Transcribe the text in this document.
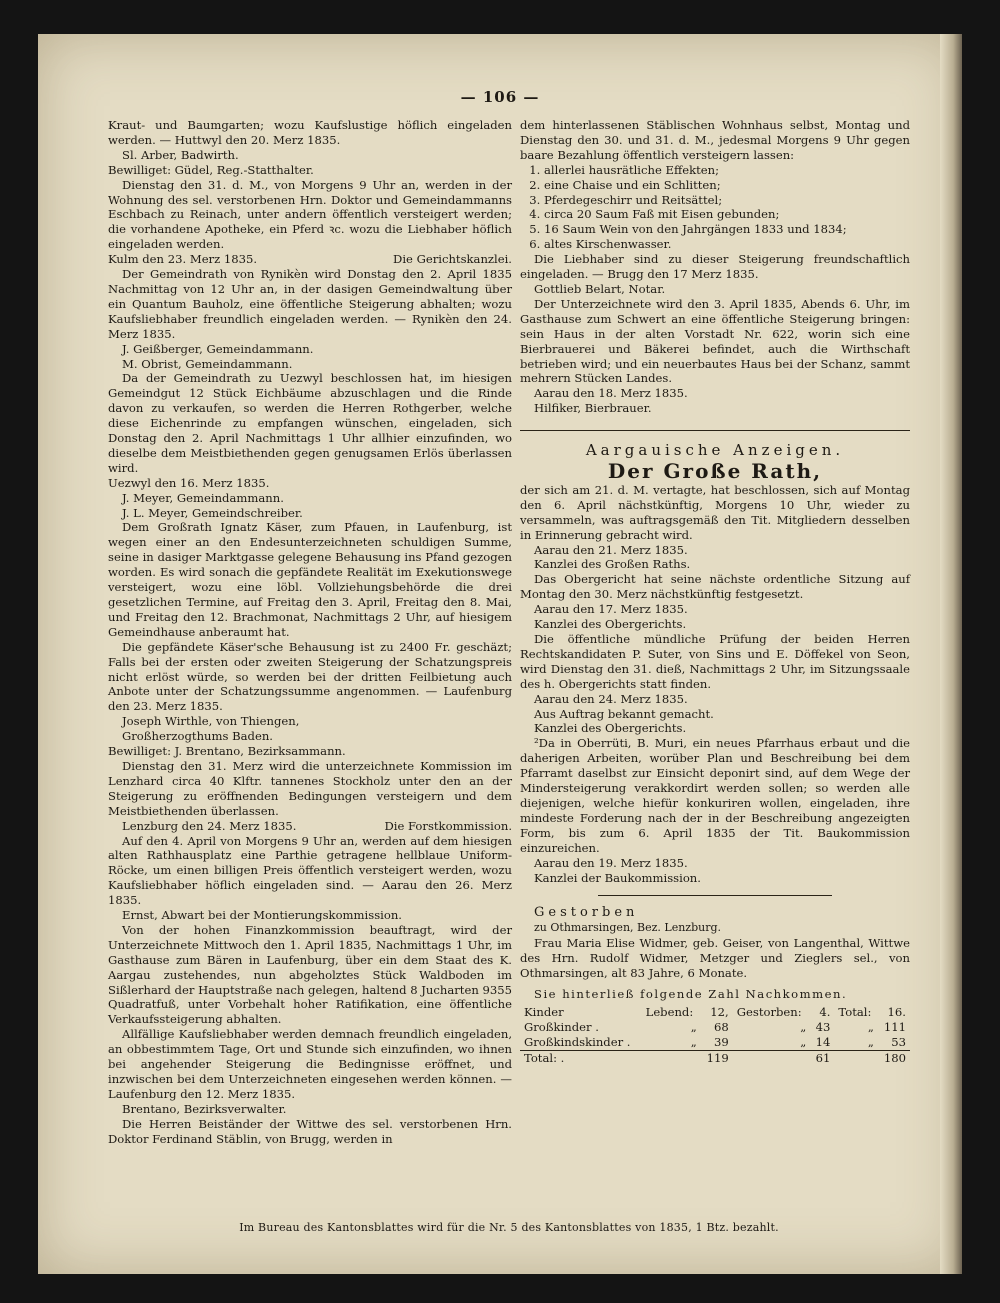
— 106 —

Kraut- und Baumgarten; wozu Kaufslustige höflich eingeladen werden. — Huttwyl den 20. Merz 1835.

Sl. Arber, Badwirth.

Bewilliget: Güdel, Reg.-Statthalter.

Dienstag den 31. d. M., von Morgens 9 Uhr an, werden in der Wohnung des sel. verstorbenen Hrn. Doktor und Gemeindammanns Eschbach zu Reinach, unter andern öffentlich versteigert werden; die vorhandene Apotheke, ein Pferd ꝛc. wozu die Liebhaber höflich eingeladen werden.

Kulm den 23. Merz 1835.	Die Gerichtskanzlei.

Der Gemeindrath von Rynikèn wird Donstag den 2. April 1835 Nachmittag von 12 Uhr an, in der dasigen Gemeindwaltung über ein Quantum Bauholz, eine öffentliche Steigerung abhalten; wozu Kaufsliebhaber freundlich eingeladen werden. — Rynikèn den 24. Merz 1835.

J. Geißberger, Gemeindammann.

M. Obrist, Gemeindammann.

Da der Gemeindrath zu Uezwyl beschlossen hat, im hiesigen Gemeindgut 12 Stück Eichbäume abzuschlagen und die Rinde davon zu verkaufen, so werden die Herren Rothgerber, welche diese Eichenrinde zu empfangen wünschen, eingeladen, sich Donstag den 2. April Nachmittags 1 Uhr allhier einzufinden, wo dieselbe dem Meistbiethenden gegen genugsamen Erlös überlassen wird.

Uezwyl den 16. Merz 1835.

J. Meyer, Gemeindammann.

J. L. Meyer, Gemeindschreiber.

Dem Großrath Ignatz Käser, zum Pfauen, in Laufenburg, ist wegen einer an den Endesunterzeichneten schuldigen Summe, seine in dasiger Marktgasse gelegene Behausung ins Pfand gezogen worden. Es wird sonach die gepfändete Realität im Exekutionswege versteigert, wozu eine löbl. Vollziehungsbehörde die drei gesetzlichen Termine, auf Freitag den 3. April, Freitag den 8. Mai, und Freitag den 12. Brachmonat, Nachmittags 2 Uhr, auf hiesigem Gemeindhause anberaumt hat.

Die gepfändete Käser'sche Behausung ist zu 2400 Fr. geschäzt; Falls bei der ersten oder zweiten Steigerung der Schatzungspreis nicht erlöst würde, so werden bei der dritten Feilbietung auch Anbote unter der Schatzungssumme angenommen. — Laufenburg den 23. Merz 1835.

Joseph Wirthle, von Thiengen,

Großherzogthums Baden.

Bewilliget: J. Brentano, Bezirksammann.

Dienstag den 31. Merz wird die unterzeichnete Kommission im Lenzhard circa 40 Klftr. tannenes Stockholz unter den an der Steigerung zu eröffnenden Bedingungen versteigern und dem Meistbiethenden überlassen.

Lenzburg den 24. Merz 1835.	Die Forstkommission.

Auf den 4. April von Morgens 9 Uhr an, werden auf dem hiesigen alten Rathhausplatz eine Parthie getragene hellblaue Uniform-Röcke, um einen billigen Preis öffentlich versteigert werden, wozu Kaufsliebhaber höflich eingeladen sind. — Aarau den 26. Merz 1835.

Ernst, Abwart bei der Montierungskommission.

Von der hohen Finanzkommission beauftragt, wird der Unterzeichnete Mittwoch den 1. April 1835, Nachmittags 1 Uhr, im Gasthause zum Bären in Laufenburg, über ein dem Staat des K. Aargau zustehendes, nun abgeholztes Stück Waldboden im Sißlerhard der Hauptstraße nach gelegen, haltend 8 Jucharten 9355 Quadratfuß, unter Vorbehalt hoher Ratifikation, eine öffentliche Verkaufssteigerung abhalten.

Allfällige Kaufsliebhaber werden demnach freundlich eingeladen, an obbestimmtem Tage, Ort und Stunde sich einzufinden, wo ihnen bei angehender Steigerung die Bedingnisse eröffnet, und inzwischen bei dem Unterzeichneten eingesehen werden können. — Laufenburg den 12. Merz 1835.

Brentano, Bezirksverwalter.

Die Herren Beiständer der Wittwe des sel. verstorbenen Hrn. Doktor Ferdinand Stäblin, von Brugg, werden in

dem hinterlassenen Stäblischen Wohnhaus selbst, Montag und Dienstag den 30. und 31. d. M., jedesmal Morgens 9 Uhr gegen baare Bezahlung öffentlich versteigern lassen:

1. allerlei hausrätliche Effekten;
2. eine Chaise und ein Schlitten;
3. Pferdegeschirr und Reitsättel;
4. circa 20 Saum Faß mit Eisen gebunden;
5. 16 Saum Wein von den Jahrgängen 1833 und 1834;
6. altes Kirschenwasser.

Die Liebhaber sind zu dieser Steigerung freundschaftlich eingeladen. — Brugg den 17 Merz 1835.

Gottlieb Belart, Notar.

Der Unterzeichnete wird den 3. April 1835, Abends 6. Uhr, im Gasthause zum Schwert an eine öffentliche Steigerung bringen: sein Haus in der alten Vorstadt Nr. 622, worin sich eine Bierbrauerei und Bäkerei befindet, auch die Wirthschaft betrieben wird; und ein neuerbautes Haus bei der Schanz, sammt mehrern Stücken Landes.

Aarau den 18. Merz 1835.

Hilfiker, Bierbrauer.

Aargauische Anzeigen.
Der Große Rath,

der sich am 21. d. M. vertagte, hat beschlossen, sich auf Montag den 6. April nächstkünftig, Morgens 10 Uhr, wieder zu versammeln, was auftragsgemäß den Tit. Mitgliedern desselben in Erinnerung gebracht wird.

Aarau den 21. Merz 1835.

Kanzlei des Großen Raths.

Das Obergericht hat seine nächste ordentliche Sitzung auf Montag den 30. Merz nächstkünftig festgesetzt.

Aarau den 17. Merz 1835.

Kanzlei des Obergerichts.

Die öffentliche mündliche Prüfung der beiden Herren Rechtskandidaten P. Suter, von Sins und E. Döffekel von Seon, wird Dienstag den 31. dieß, Nachmittags 2 Uhr, im Sitzungssaale des h. Obergerichts statt finden.

Aarau den 24. Merz 1835.

Aus Auftrag bekannt gemacht.

Kanzlei des Obergerichts.

²Da in Oberrüti, B. Muri, ein neues Pfarrhaus erbaut und die daherigen Arbeiten, worüber Plan und Beschreibung bei dem Pfarramt daselbst zur Einsicht deponirt sind, auf dem Wege der Mindersteigerung verakkordirt werden sollen; so werden alle diejenigen, welche hiefür konkuriren wollen, eingeladen, ihre mindeste Forderung nach der in der Beschreibung angezeigten Form, bis zum 6. April 1835 der Tit. Baukommission einzureichen.

Aarau den 19. Merz 1835.

Kanzlei der Baukommission.

Gestorben

zu Othmarsingen, Bez. Lenzburg.

Frau Maria Elise Widmer, geb. Geiser, von Langenthal, Wittwe des Hrn. Rudolf Widmer, Metzger und Zieglers sel., von Othmarsingen, alt 83 Jahre, 6 Monate.

Sie hinterließ folgende Zahl Nachkommen.

Kinder	Lebend:	12,	Gestorben:	4.	Total:	16.
Großkinder .	„	68	„	43	„	111
Großkindskinder .	„	39	„	14	„	53
Total: .		119		61		180
Im Bureau des Kantonsblattes wird für die Nr. 5 des Kantonsblattes von 1835, 1 Btz. bezahlt.
